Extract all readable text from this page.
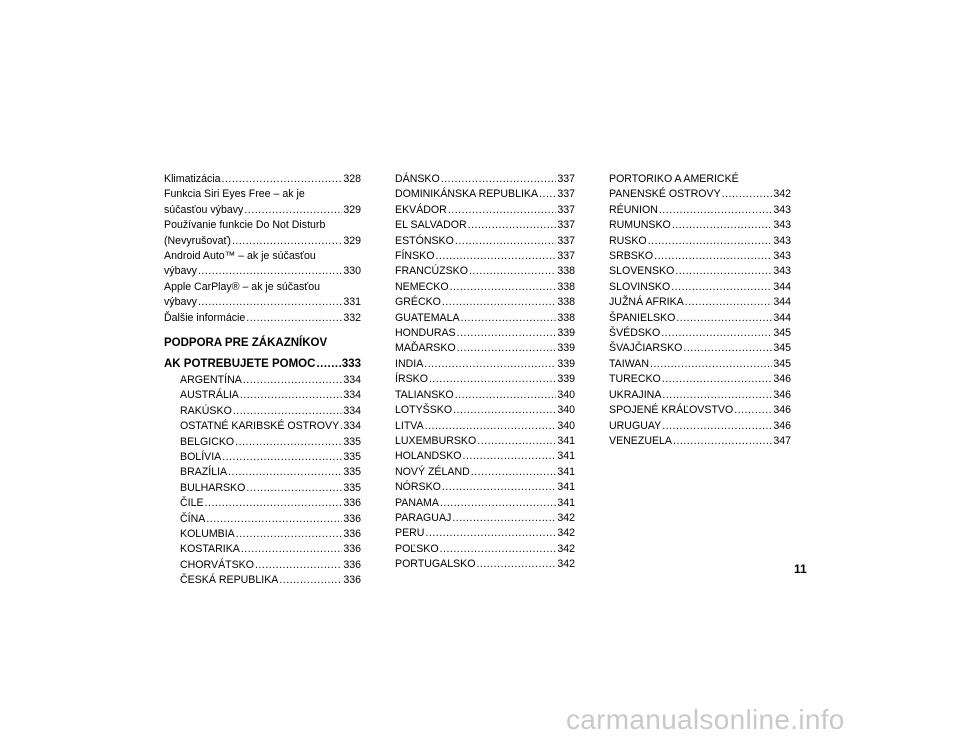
Klimatizácia .....	328
Funkcia Siri Eyes Free – ak je
súčasťou výbavy .....	329
Používanie funkcie Do Not Disturb
(Nevyrušovať) .....	329
Android Auto™ – ak je súčasťou
výbavy .....	330
Apple CarPlay® – ak je súčasťou
výbavy .....	331
Ďalšie informácie .....	332
PODPORA PRE ZÁKAZNÍKOV
AK POTREBUJETE POMOC ..... 333
ARGENTÍNA .....	334
AUSTRÁLIA .....	334
RAKÚSKO .....	334
OSTATNÉ KARIBSKÉ OSTROVY ..... 334
BELGICKO .....	335
BOLÍVIA .....	335
BRAZÍLIA .....	335
BULHARSKO .....	335
ČILE .....	336
ČÍNA .....	336
KOLUMBIA .....	336
KOSTARIKA .....	336
CHORVÁTSKO .....	336
ČESKÁ REPUBLIKA .....	336
DÁNSKO .....	337
DOMINIKÁNSKA REPUBLIKA ..... 337
EKVÁDOR .....	337
EL SALVADOR .....	337
ESTÓNSKO .....	337
FÍNSKO .....	337
FRANCÚZSKO .....	338
NEMECKO .....	338
GRÉCKO .....	338
GUATEMALA .....	338
HONDURAS .....	339
MAĎARSKO .....	339
INDIA .....	339
ÍRSKO .....	339
TALIANSKO .....	340
LOTYŠSKO .....	340
LITVA .....	340
LUXEMBURSKO .....	341
HOLANDSKO .....	341
NOVÝ ZÉLAND .....	341
NÓRSKO .....	341
PANAMA .....	341
PARAGUAJ .....	342
PERU .....	342
POĽSKO .....	342
PORTUGALSKO .....	342
PORTORIKO A AMERICKÉ
PANENSKÉ OSTROVY .....	342
RÉUNION .....	343
RUMUNSKO .....	343
RUSKO .....	343
SRBSKO .....	343
SLOVENSKO .....	343
SLOVINSKO .....	344
JUŽNÁ AFRIKA .....	344
ŠPANIELSKO .....	344
ŠVÉDSKO .....	345
ŠVAJČIARSKO .....	345
TAIWAN .....	345
TURECKO .....	346
UKRAJINA .....	346
SPOJENÉ KRÁĽOVSTVO .....	346
URUGUAY .....	346
VENEZUELA .....	347
11
carmanualsonline.info
